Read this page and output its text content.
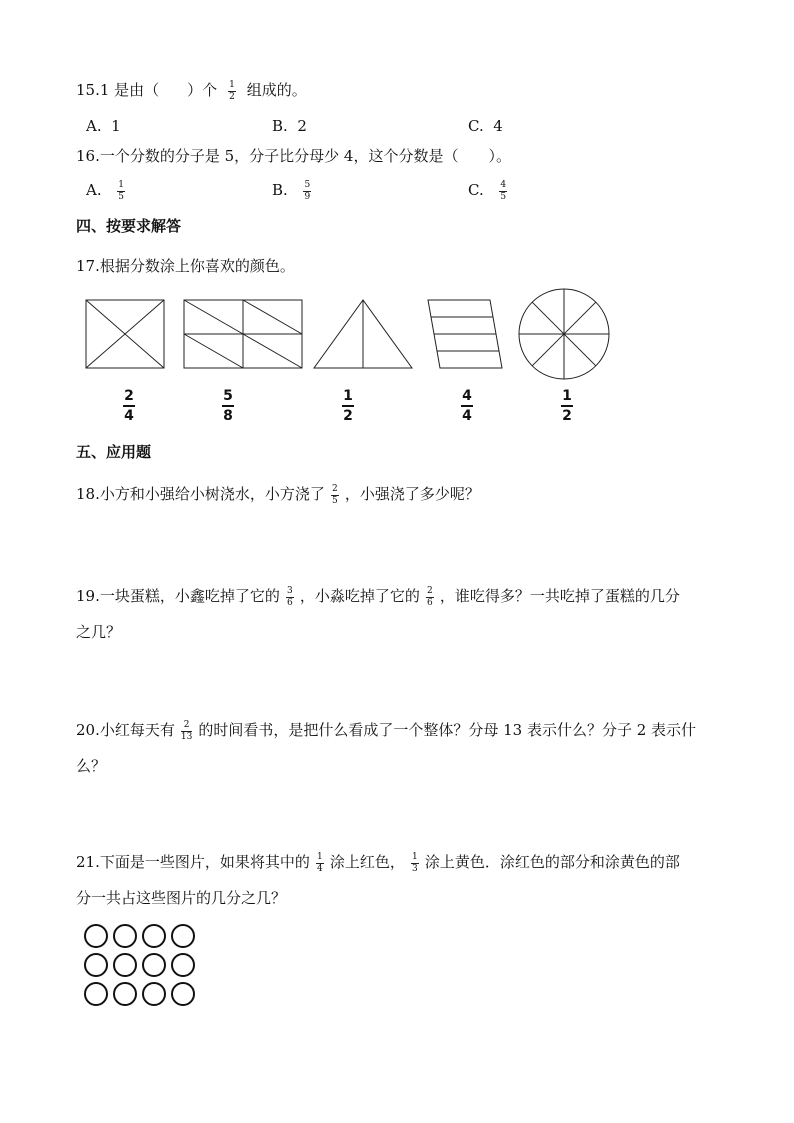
15.1 是由（ ）个 $\frac{1}{2}$ 组成的。
A. 1	B. 2	C. 4
16.一个分数的分子是 5，分子比分母少 4，这个分数是（　　）。
A. $\frac{1}{5}$	B. $\frac{5}{9}$	C. $\frac{4}{5}$
四、按要求解答
17.根据分数涂上你喜欢的颜色。
2
4
5
8
1
2
4
4
1
2
五、应用题
18.小方和小强给小树浇水，小方浇了 $\frac{2}{5}$ ，小强浇了多少呢？
19.一块蛋糕，小鑫吃掉了它的 $\frac{3}{6}$ ，小淼吃掉了它的 $\frac{2}{6}$ ，谁吃得多？一共吃掉了蛋糕的几分
之几？
20.小红每天有 $\frac{2}{13}$ 的时间看书，是把什么看成了一个整体？分母 13 表示什么？分子 2 表示什
么？
21.下面是一些图片，如果将其中的 $\frac{1}{4}$ 涂上红色， $\frac{1}{3}$ 涂上黄色．涂红色的部分和涂黄色的部
分一共占这些图片的几分之几？
